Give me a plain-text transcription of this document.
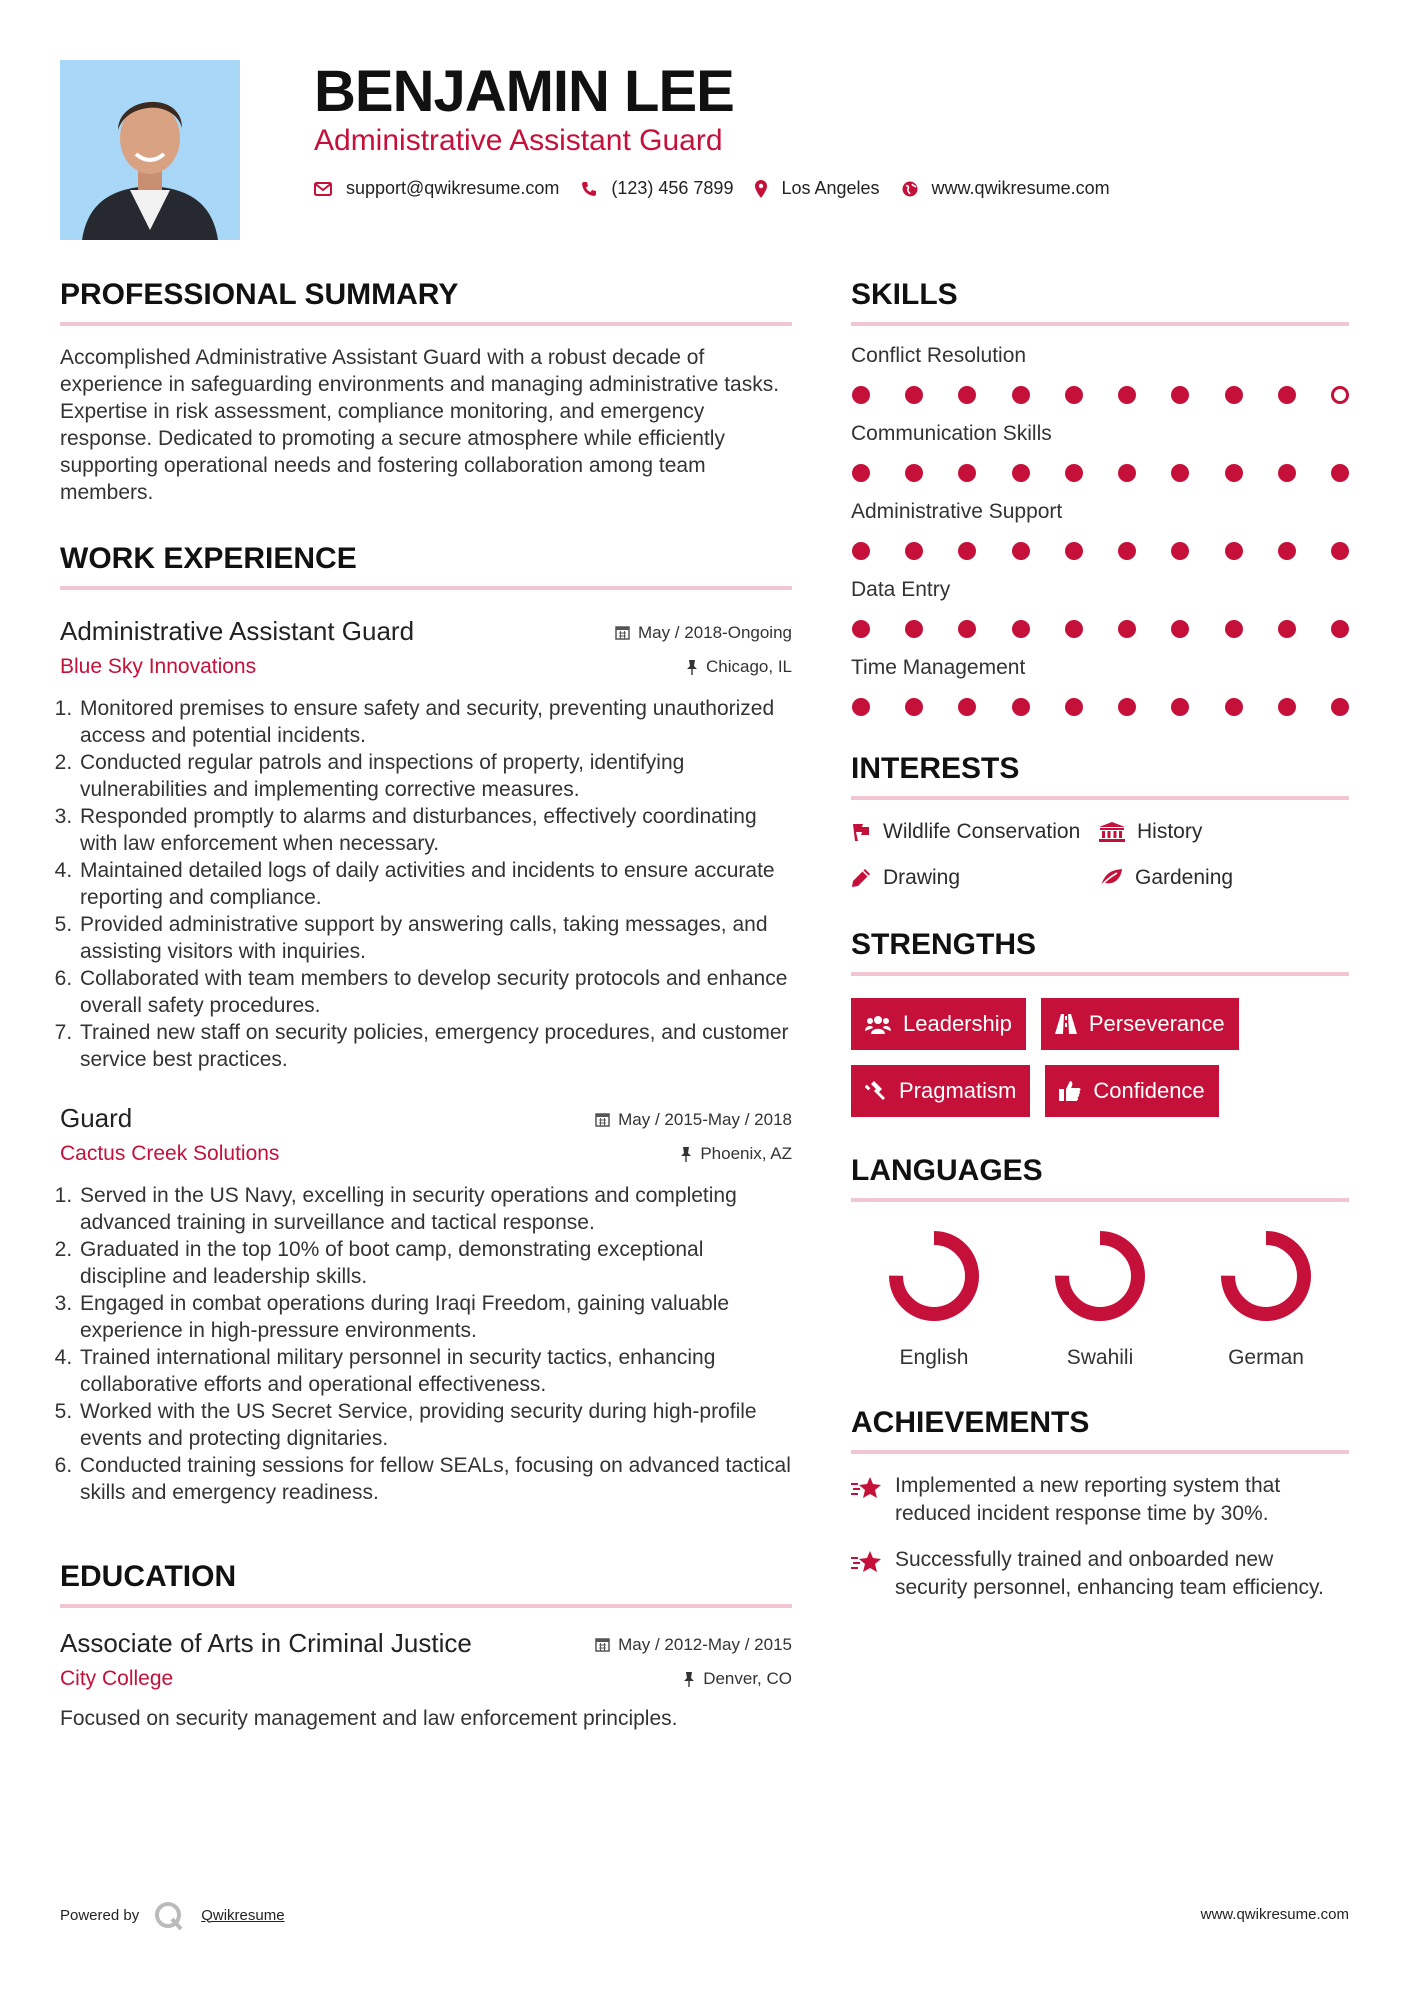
BENJAMIN LEE
Administrative Assistant Guard
support@qwikresume.com	(123) 456 7899	Los Angeles	www.qwikresume.com
PROFESSIONAL SUMMARY

Accomplished Administrative Assistant Guard with a robust decade of experience in safeguarding environments and managing administrative tasks. Expertise in risk assessment, compliance monitoring, and emergency response. Dedicated to promoting a secure atmosphere while efficiently supporting operational needs and fostering collaboration among team members.

WORK EXPERIENCE
Administrative Assistant Guard	May / 2018-Ongoing
Blue Sky Innovations	Chicago, IL
1. Monitored premises to ensure safety and security, preventing unauthorized access and potential incidents.
2. Conducted regular patrols and inspections of property, identifying vulnerabilities and implementing corrective measures.
3. Responded promptly to alarms and disturbances, effectively coordinating with law enforcement when necessary.
4. Maintained detailed logs of daily activities and incidents to ensure accurate reporting and compliance.
5. Provided administrative support by answering calls, taking messages, and assisting visitors with inquiries.
6. Collaborated with team members to develop security protocols and enhance overall safety procedures.
7. Trained new staff on security policies, emergency procedures, and customer service best practices.
Guard	May / 2015-May / 2018
Cactus Creek Solutions	Phoenix, AZ
1. Served in the US Navy, excelling in security operations and completing advanced training in surveillance and tactical response.
2. Graduated in the top 10% of boot camp, demonstrating exceptional discipline and leadership skills.
3. Engaged in combat operations during Iraqi Freedom, gaining valuable experience in high-pressure environments.
4. Trained international military personnel in security tactics, enhancing collaborative efforts and operational effectiveness.
5. Worked with the US Secret Service, providing security during high-profile events and protecting dignitaries.
6. Conducted training sessions for fellow SEALs, focusing on advanced tactical skills and emergency readiness.
EDUCATION
Associate of Arts in Criminal Justice	May / 2012-May / 2015
City College	Denver, CO

Focused on security management and law enforcement principles.

SKILLS
Conflict Resolution
Communication Skills
Administrative Support
Data Entry
Time Management
INTERESTS
Wildlife Conservation	History
Drawing	Gardening
STRENGTHS
Leadership	Perseverance
Pragmatism	Confidence
LANGUAGES
English	Swahili	German
ACHIEVEMENTS
Implemented a new reporting system that reduced incident response time by 30%.
Successfully trained and onboarded new security personnel, enhancing team efficiency.
Powered by	Qwikresume	www.qwikresume.com
